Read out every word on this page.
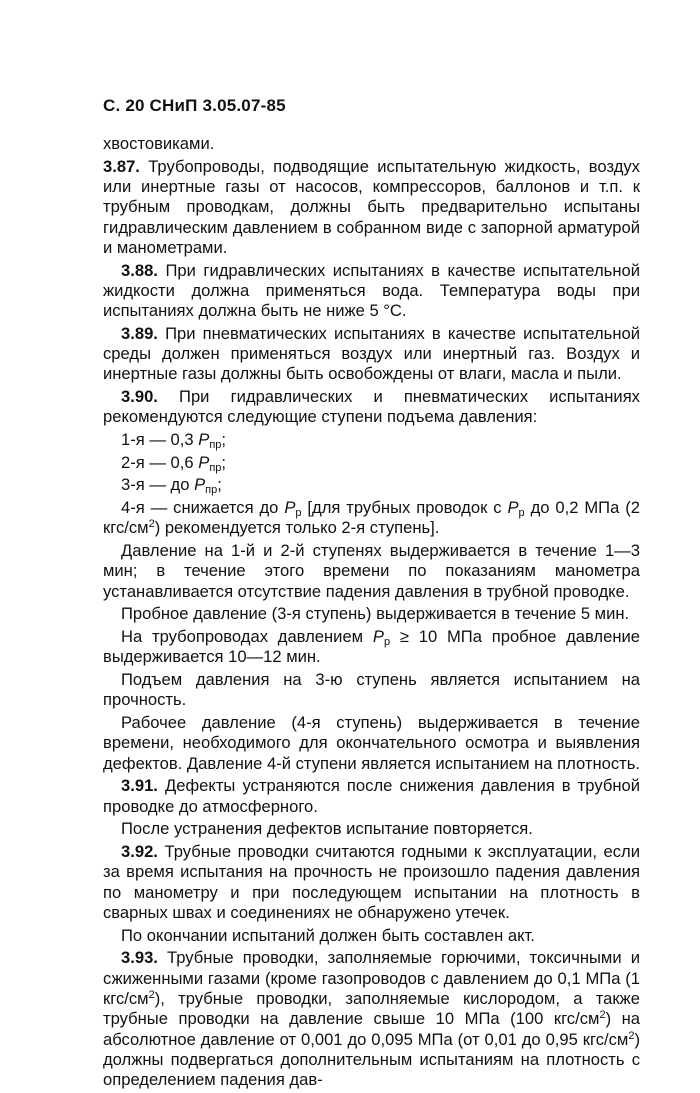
С. 20 СНиП 3.05.07-85

хвостовиками.

3.87. Трубопроводы, подводящие испытательную жидкость, воздух или инертные газы от насосов, компрессоров, баллонов и т.п. к трубным проводкам, должны быть предварительно испытаны гидравлическим давлением в собранном виде с запорной арматурой и манометрами.

3.88. При гидравлических испытаниях в качестве испытательной жидкости должна применяться вода. Температура воды при испытаниях должна быть не ниже 5 °С.

3.89. При пневматических испытаниях в качестве испытательной среды должен применяться воздух или инертный газ. Воздух и инертные газы должны быть освобождены от влаги, масла и пыли.

3.90. При гидравлических и пневматических испытаниях рекомендуются следующие ступени подъема давления:

1-я — 0,3 $P_{пр}$;

2-я — 0,6 $P_{пр}$;

3-я — до $P_{пр}$;

4-я — снижается до $P_р$ [для трубных проводок с $P_р$ до 0,2 МПа (2 кгс/$см^2$) рекомендуется только 2-я ступень].

Давление на 1-й и 2-й ступенях выдерживается в течение 1—3 мин; в течение этого времени по показаниям манометра устанавливается отсутствие падения давления в трубной проводке.

Пробное давление (3-я ступень) выдерживается в течение 5 мин.

На трубопроводах давлением $P_р \ge 10$ МПа пробное давление выдерживается 10—12 мин.

Подъем давления на 3-ю ступень является испытанием на прочность.

Рабочее давление (4-я ступень) выдерживается в течение времени, необходимого для окончательного осмотра и выявления дефектов. Давление 4-й ступени является испытанием на плотность.

3.91. Дефекты устраняются после снижения давления в трубной проводке до атмосферного.

После устранения дефектов испытание повторяется.

3.92. Трубные проводки считаются годными к эксплуатации, если за время испытания на прочность не произошло падения давления по манометру и при последующем испытании на плотность в сварных швах и соединениях не обнаружено утечек.

По окончании испытаний должен быть составлен акт.

3.93. Трубные проводки, заполняемые горючими, токсичными и сжиженными газами (кроме газопроводов с давлением до 0,1 МПа (1 кгс/$см^2$), трубные проводки, заполняемые кислородом, а также трубные проводки на давление свыше 10 МПа (100 кгс/$см^2$) на абсолютное давление от 0,001 до 0,095 МПа (от 0,01 до 0,95 кгс/$см^2$) должны подвергаться дополнительным испытаниям на плотность с определением падения дав-
